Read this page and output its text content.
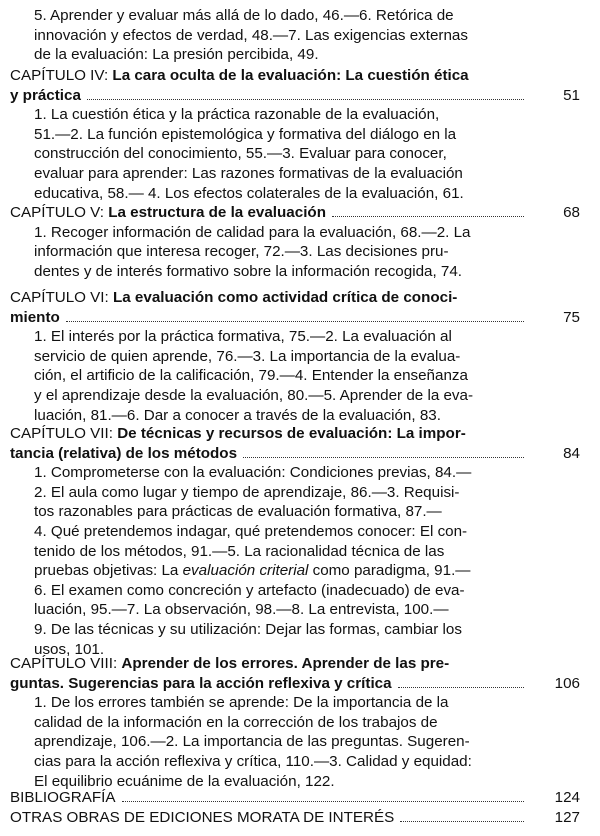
5. Aprender y evaluar más allá de lo dado, 46.—6. Retórica de
innovación y efectos de verdad, 48.—7. Las exigencias externas
de la evaluación: La presión percibida, 49.
CAPÍTULO IV: La cara oculta de la evaluación: La cuestión ética
y práctica	51
1. La cuestión ética y la práctica razonable de la evaluación,
51.—2. La función epistemológica y formativa del diálogo en la
construcción del conocimiento, 55.—3. Evaluar para conocer,
evaluar para aprender: Las razones formativas de la evaluación
educativa, 58.— 4. Los efectos colaterales de la evaluación, 61.
CAPÍTULO V:
La estructura de la evaluación	68
1. Recoger información de calidad para la evaluación, 68.—2. La
información que interesa recoger, 72.—3. Las decisiones pru-
dentes y de interés formativo sobre la información recogida, 74.
CAPÍTULO VI: La evaluación como actividad crítica de conoci-
miento	75
1. El interés por la práctica formativa, 75.—2. La evaluación al
servicio de quien aprende, 76.—3. La importancia de la evalua-
ción, el artificio de la calificación, 79.—4. Entender la enseñanza
y el aprendizaje desde la evaluación, 80.—5. Aprender de la eva-
luación, 81.—6. Dar a conocer a través de la evaluación, 83.
CAPÍTULO VII: De técnicas y recursos de evaluación: La impor-
tancia (relativa) de los métodos	84
1. Comprometerse con la evaluación: Condiciones previas, 84.—
2. El aula como lugar y tiempo de aprendizaje, 86.—3. Requisi-
tos razonables para prácticas de evaluación formativa, 87.—
4. Qué pretendemos indagar, qué pretendemos conocer: El con-
tenido de los métodos, 91.—5. La racionalidad técnica de las
pruebas objetivas: La evaluación criterial como paradigma, 91.—
6. El examen como concreción y artefacto (inadecuado) de eva-
luación, 95.—7. La observación, 98.—8. La entrevista, 100.—
9. De las técnicas y su utilización: Dejar las formas, cambiar los
usos, 101.
CAPÍTULO VIII: Aprender de los errores. Aprender de las pre-
guntas. Sugerencias para la acción reflexiva y crítica	106
1. De los errores también se aprende: De la importancia de la
calidad de la información en la corrección de los trabajos de
aprendizaje, 106.—2. La importancia de las preguntas. Sugeren-
cias para la acción reflexiva y crítica, 110.—3. Calidad y equidad:
El equilibrio ecuánime de la evaluación, 122.
BIBLIOGRAFÍA	124
OTRAS OBRAS DE EDICIONES MORATA DE INTERÉS	127
